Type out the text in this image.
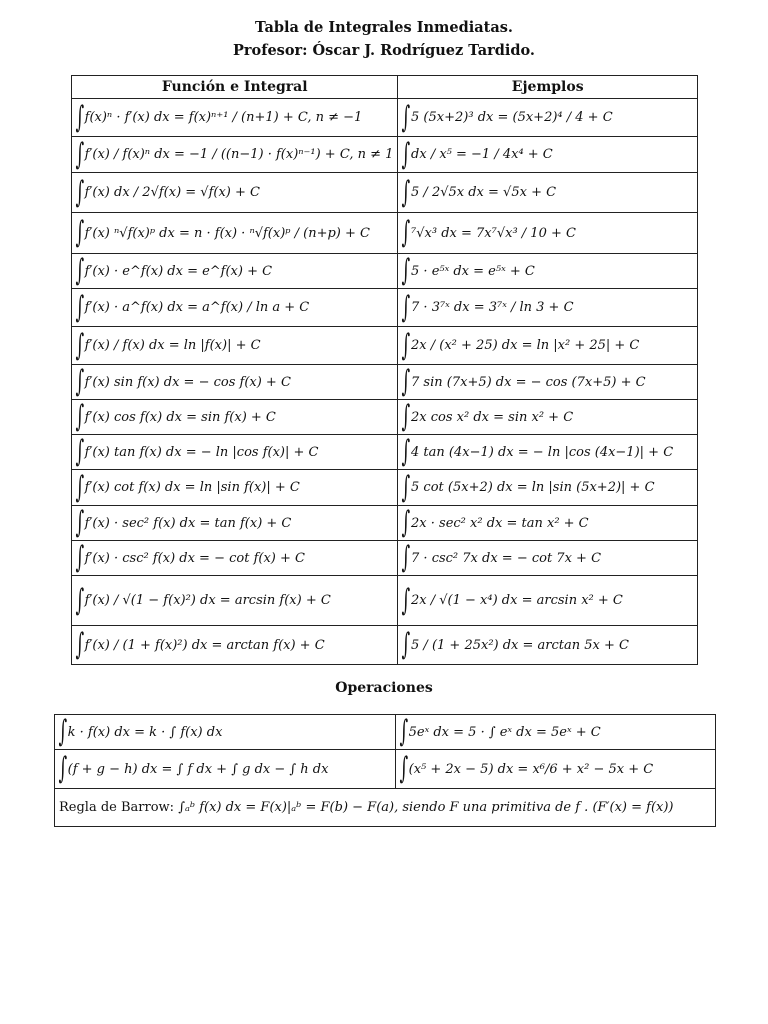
Tabla de Integrales Inmediatas.
Profesor: Óscar J. Rodríguez Tardido.
Función e Integral	Ejemplos

∫ f(x)ⁿ · f′(x) dx = f(x)ⁿ⁺¹ / (n+1) + C, n ≠ −1	∫ 5 (5x+2)³ dx = (5x+2)⁴ / 4 + C

∫ f′(x) / f(x)ⁿ dx = −1 / ((n−1) · f(x)ⁿ⁻¹) + C, n ≠ 1	∫ dx / x⁵ = −1 / 4x⁴ + C

∫ f′(x) dx / 2√f(x) = √f(x) + C	∫ 5 / 2√5x dx = √5x + C

∫ f′(x) ⁿ√f(x)ᵖ dx = n · f(x) · ⁿ√f(x)ᵖ / (n+p) + C	∫ ⁷√x³ dx = 7x⁷√x³ / 10 + C

∫ f′(x) · e^f(x) dx = e^f(x) + C	∫ 5 · e⁵ˣ dx = e⁵ˣ + C

∫ f′(x) · a^f(x) dx = a^f(x) / ln a + C	∫ 7 · 3⁷ˣ dx = 3⁷ˣ / ln 3 + C

∫ f′(x) / f(x) dx = ln |f(x)| + C	∫ 2x / (x² + 25) dx = ln |x² + 25| + C

∫ f′(x) sin f(x) dx = − cos f(x) + C	∫ 7 sin (7x+5) dx = − cos (7x+5) + C

∫ f′(x) cos f(x) dx = sin f(x) + C	∫ 2x cos x² dx = sin x² + C

∫ f′(x) tan f(x) dx = − ln |cos f(x)| + C	∫ 4 tan (4x−1) dx = − ln |cos (4x−1)| + C

∫ f′(x) cot f(x) dx = ln |sin f(x)| + C	∫ 5 cot (5x+2) dx = ln |sin (5x+2)| + C

∫ f′(x) · sec² f(x) dx = tan f(x) + C	∫ 2x · sec² x² dx = tan x² + C

∫ f′(x) · csc² f(x) dx = − cot f(x) + C	∫ 7 · csc² 7x dx = − cot 7x + C

∫ f′(x) / √(1 − f(x)²) dx = arcsin f(x) + C	∫ 2x / √(1 − x⁴) dx = arcsin x² + C

∫ f′(x) / (1 + f(x)²) dx = arctan f(x) + C	∫ 5 / (1 + 25x²) dx = arctan 5x + C
Operaciones
∫ k · f(x) dx = k · ∫ f(x) dx	∫ 5eˣ dx = 5 · ∫ eˣ dx = 5eˣ + C

∫ (f + g − h) dx = ∫ f dx + ∫ g dx − ∫ h dx	∫ (x⁵ + 2x − 5) dx = x⁶/6 + x² − 5x + C

Regla de Barrow:
∫ₐᵇ f(x) dx = F(x)|ₐᵇ = F(b) − F(a), siendo F una primitiva de f . (F′(x) = f(x))	
